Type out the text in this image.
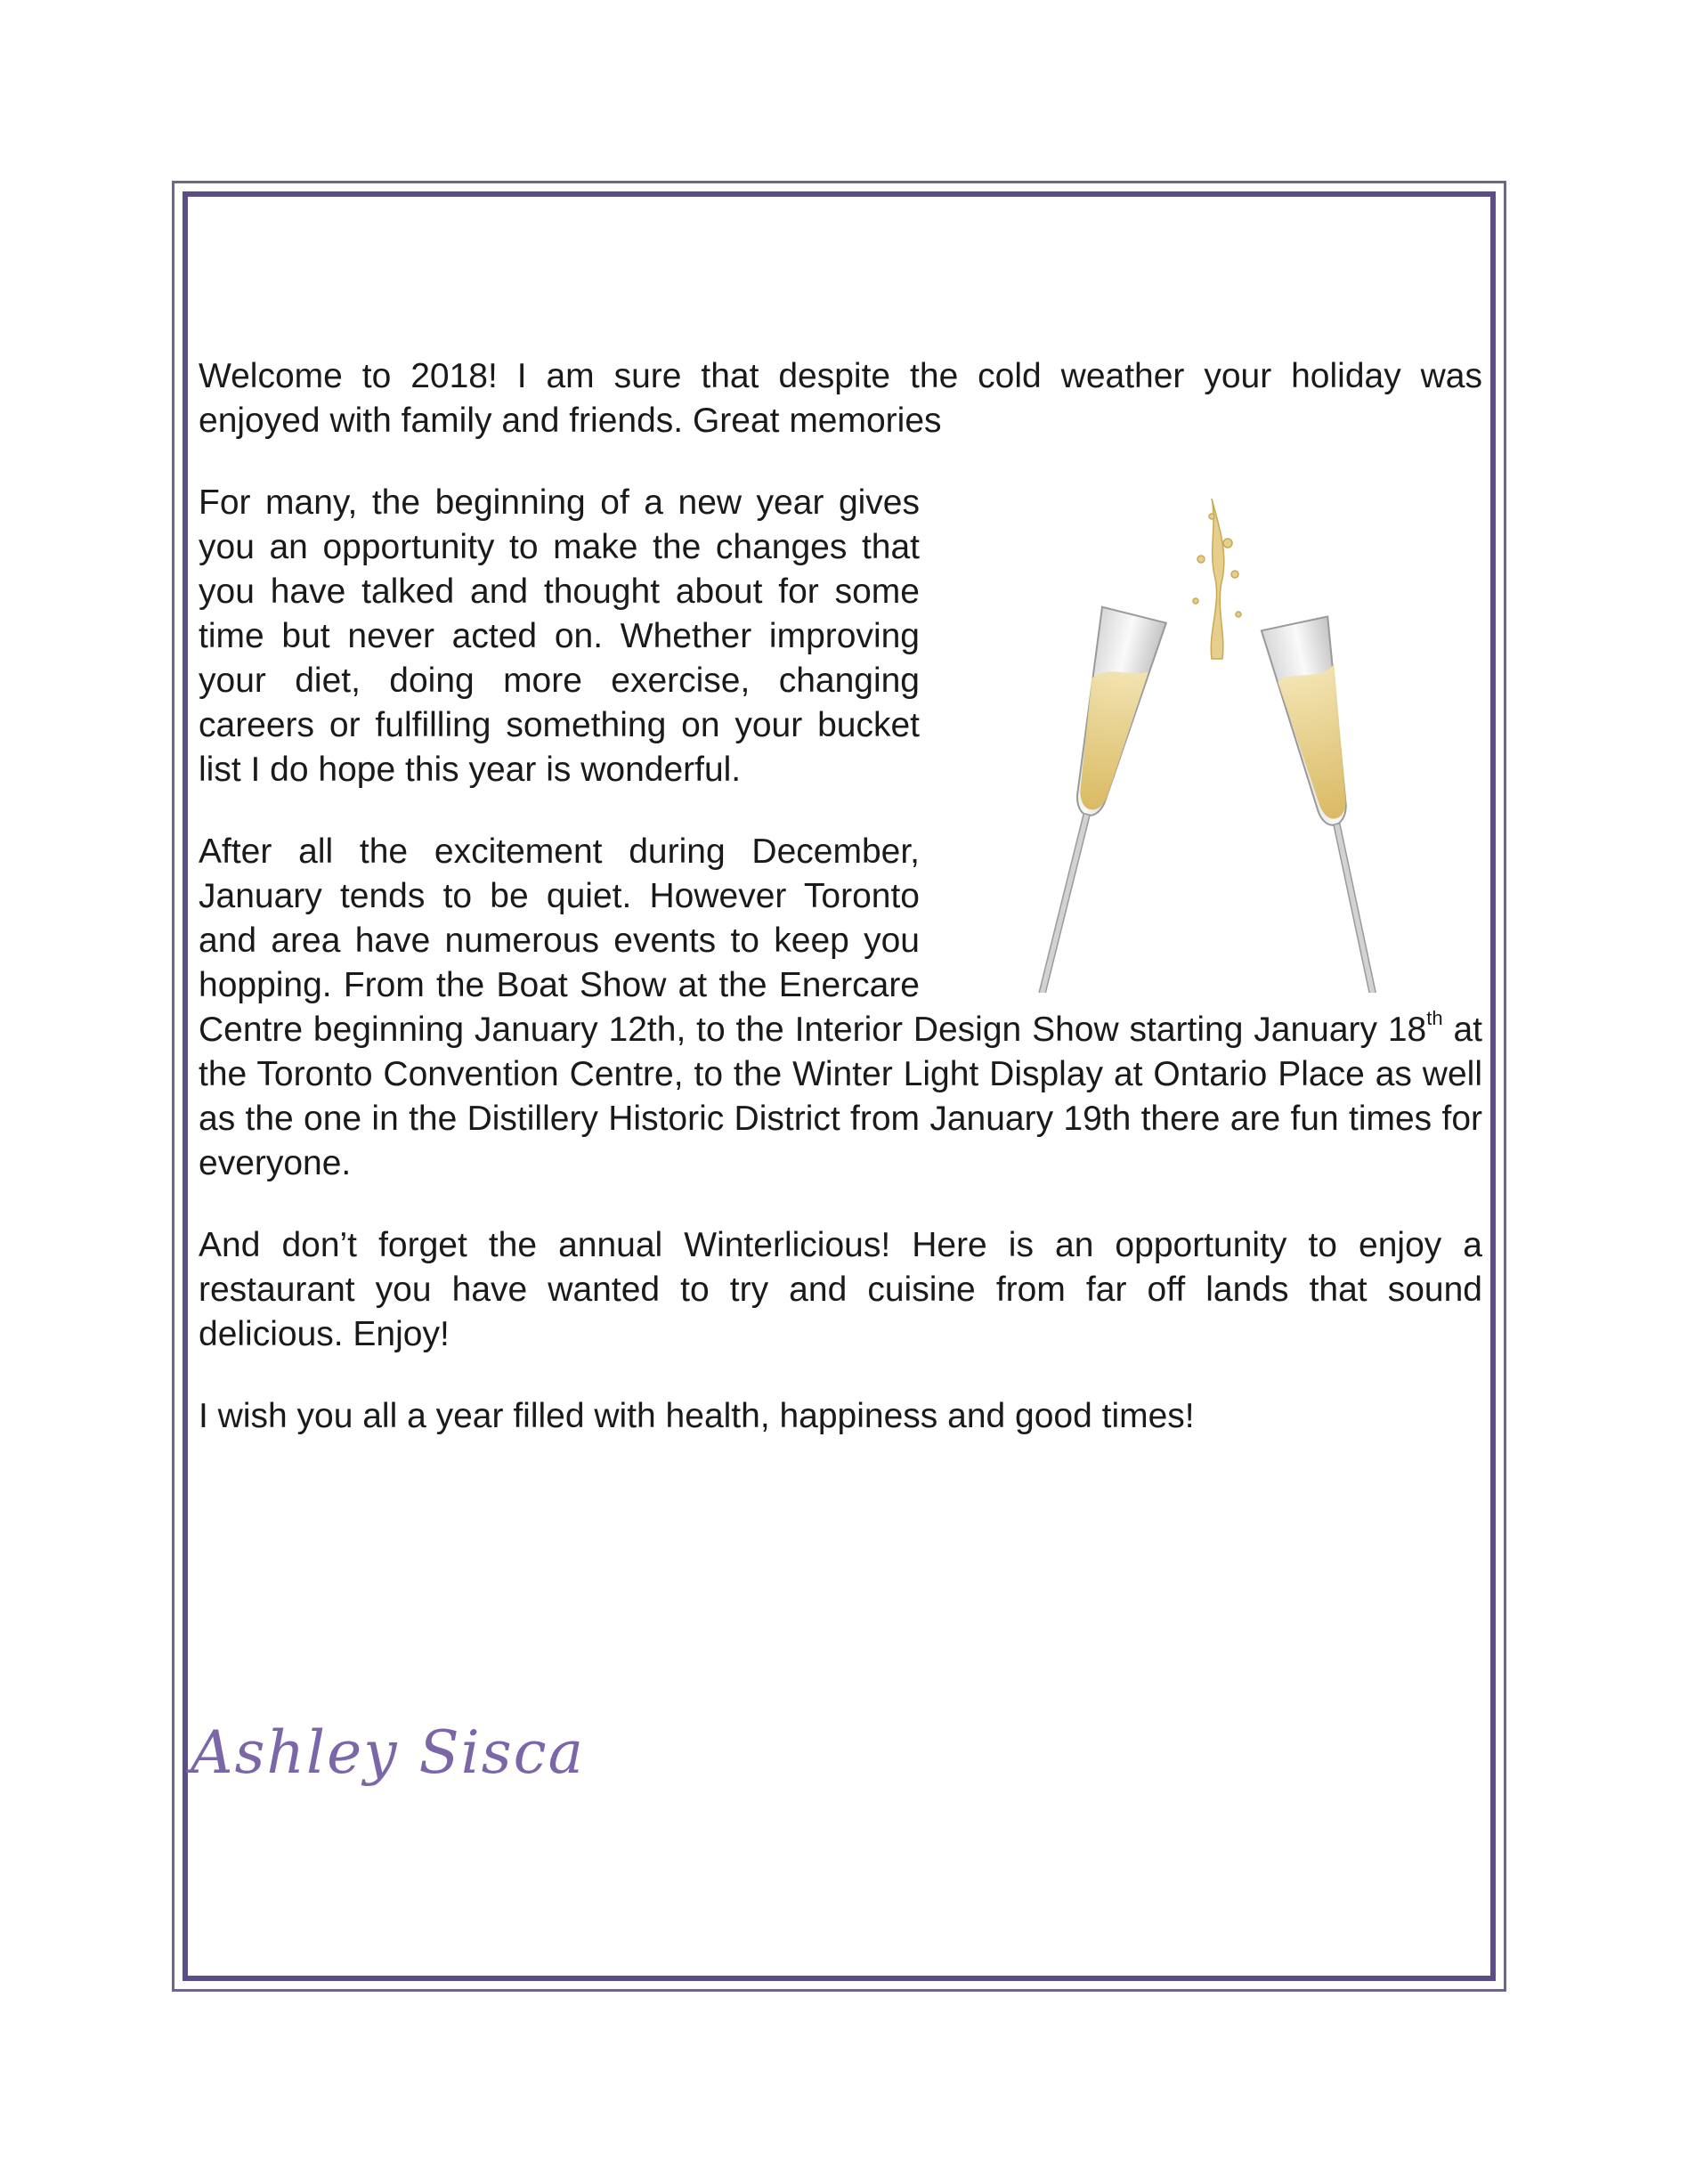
Welcome to 2018! I am sure that despite the cold weather your holiday was enjoyed with family and friends. Great memories

For many, the beginning of a new year gives you an opportunity to make the changes that you have talked and thought about for some time but never acted on. Whether improving your diet, doing more exercise, changing careers or fulfilling something on your bucket list I do hope this year is wonderful.

After all the excitement during December, January tends to be quiet. However Toronto and area have numerous events to keep you hopping. From the Boat Show at the Enercare Centre beginning January 12th, to the Interior Design Show starting January 18th at the Toronto Convention Centre, to the Winter Light Display at Ontario Place as well as the one in the Distillery Historic District from January 19th there are fun times for everyone.

And don’t forget the annual Winterlicious! Here is an opportunity to enjoy a restaurant you have wanted to try and cuisine from far off lands that sound delicious. Enjoy!

I wish you all a year filled with health, happiness and good times!

Ashley Sisca
